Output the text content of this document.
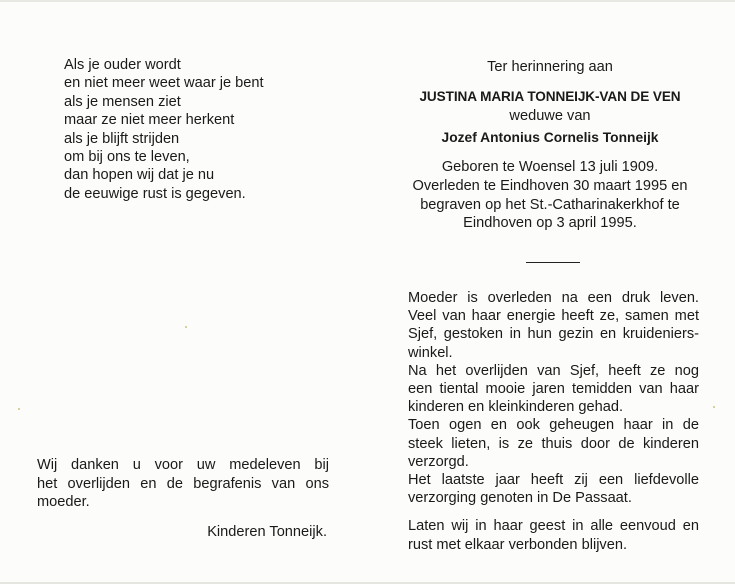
Als je ouder wordt
en niet meer weet waar je bent
als je mensen ziet
maar ze niet meer herkent
als je blijft strijden
om bij ons te leven,
dan hopen wij dat je nu
de eeuwige rust is gegeven.
Wij danken u voor uw medeleven bij
het overlijden en de begrafenis van ons
moeder.
Kinderen Tonneijk.
Ter herinnering aan
JUSTINA MARIA TONNEIJK-VAN DE VEN
weduwe van
Jozef Antonius Cornelis Tonneijk
Geboren te Woensel 13 juli 1909.
Overleden te Eindhoven 30 maart 1995 en
begraven op het St.-Catharinakerkhof te
Eindhoven op 3 april 1995.
Moeder is overleden na een druk leven.
Veel van haar energie heeft ze, samen met
Sjef, gestoken in hun gezin en kruideniers-
winkel.
Na het overlijden van Sjef, heeft ze nog
een tiental mooie jaren temidden van haar
kinderen en kleinkinderen gehad.
Toen ogen en ook geheugen haar in de
steek lieten, is ze thuis door de kinderen
verzorgd.
Het laatste jaar heeft zij een liefdevolle
verzorging genoten in De Passaat.
Laten wij in haar geest in alle eenvoud en
rust met elkaar verbonden blijven.
